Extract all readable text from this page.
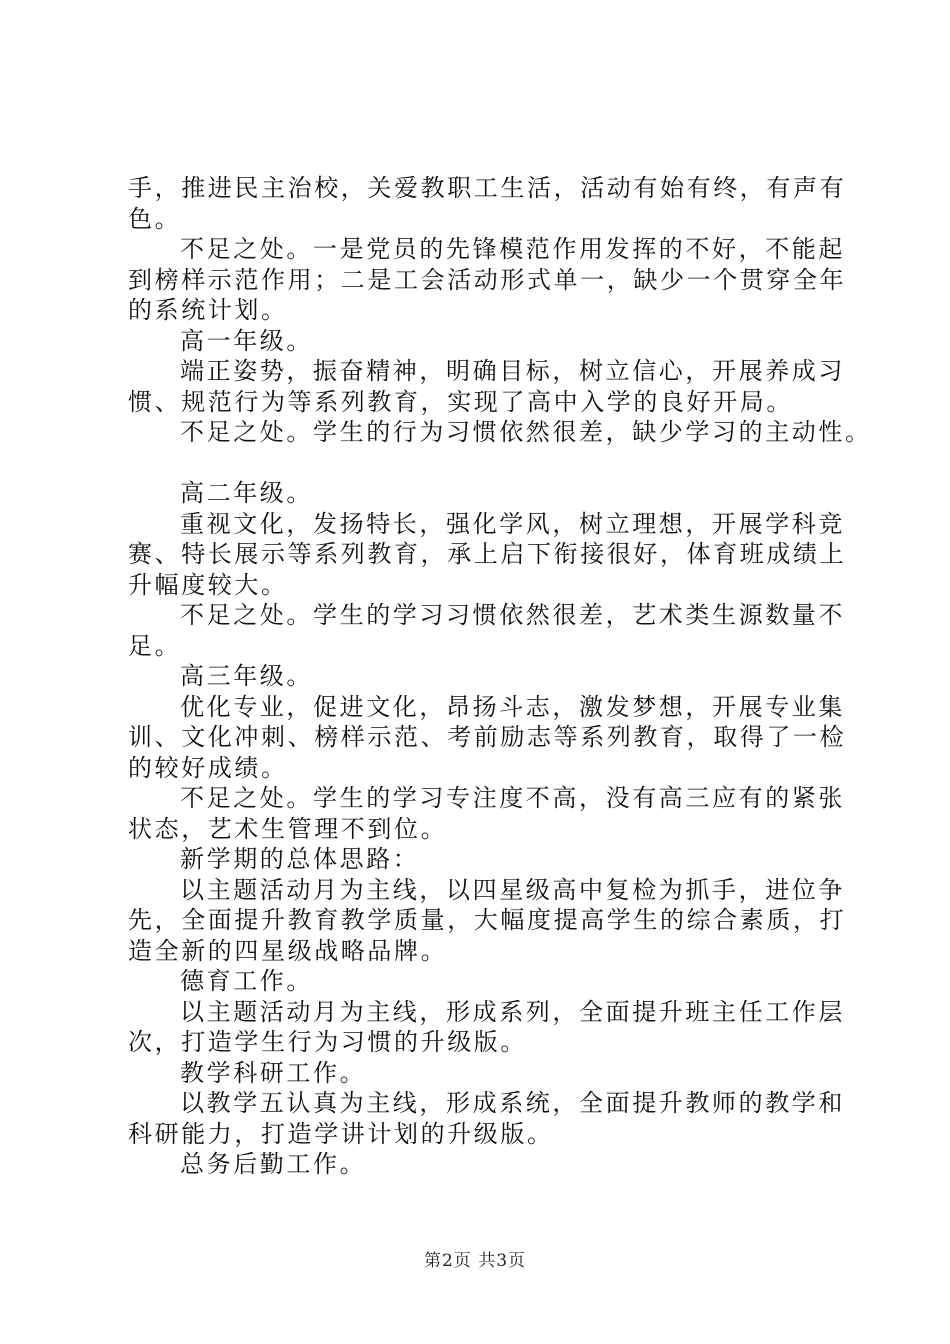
手，推进民主治校，关爱教职工生活，活动有始有终，有声有
色。
不足之处。一是党员的先锋模范作用发挥的不好，不能起
到榜样示范作用；二是工会活动形式单一，缺少一个贯穿全年
的系统计划。
高一年级。
端正姿势，振奋精神，明确目标，树立信心，开展养成习
惯、规范行为等系列教育，实现了高中入学的良好开局。
不足之处。学生的行为习惯依然很差，缺少学习的主动性。
高二年级。
重视文化，发扬特长，强化学风，树立理想，开展学科竞
赛、特长展示等系列教育，承上启下衔接很好，体育班成绩上
升幅度较大。
不足之处。学生的学习习惯依然很差，艺术类生源数量不
足。
高三年级。
优化专业，促进文化，昂扬斗志，激发梦想，开展专业集
训、文化冲刺、榜样示范、考前励志等系列教育，取得了一检
的较好成绩。
不足之处。学生的学习专注度不高，没有高三应有的紧张
状态，艺术生管理不到位。
新学期的总体思路：
以主题活动月为主线，以四星级高中复检为抓手，进位争
先，全面提升教育教学质量，大幅度提高学生的综合素质，打
造全新的四星级战略品牌。
德育工作。
以主题活动月为主线，形成系列，全面提升班主任工作层
次，打造学生行为习惯的升级版。
教学科研工作。
以教学五认真为主线，形成系统，全面提升教师的教学和
科研能力，打造学讲计划的升级版。
总务后勤工作。
第2页 共3页
